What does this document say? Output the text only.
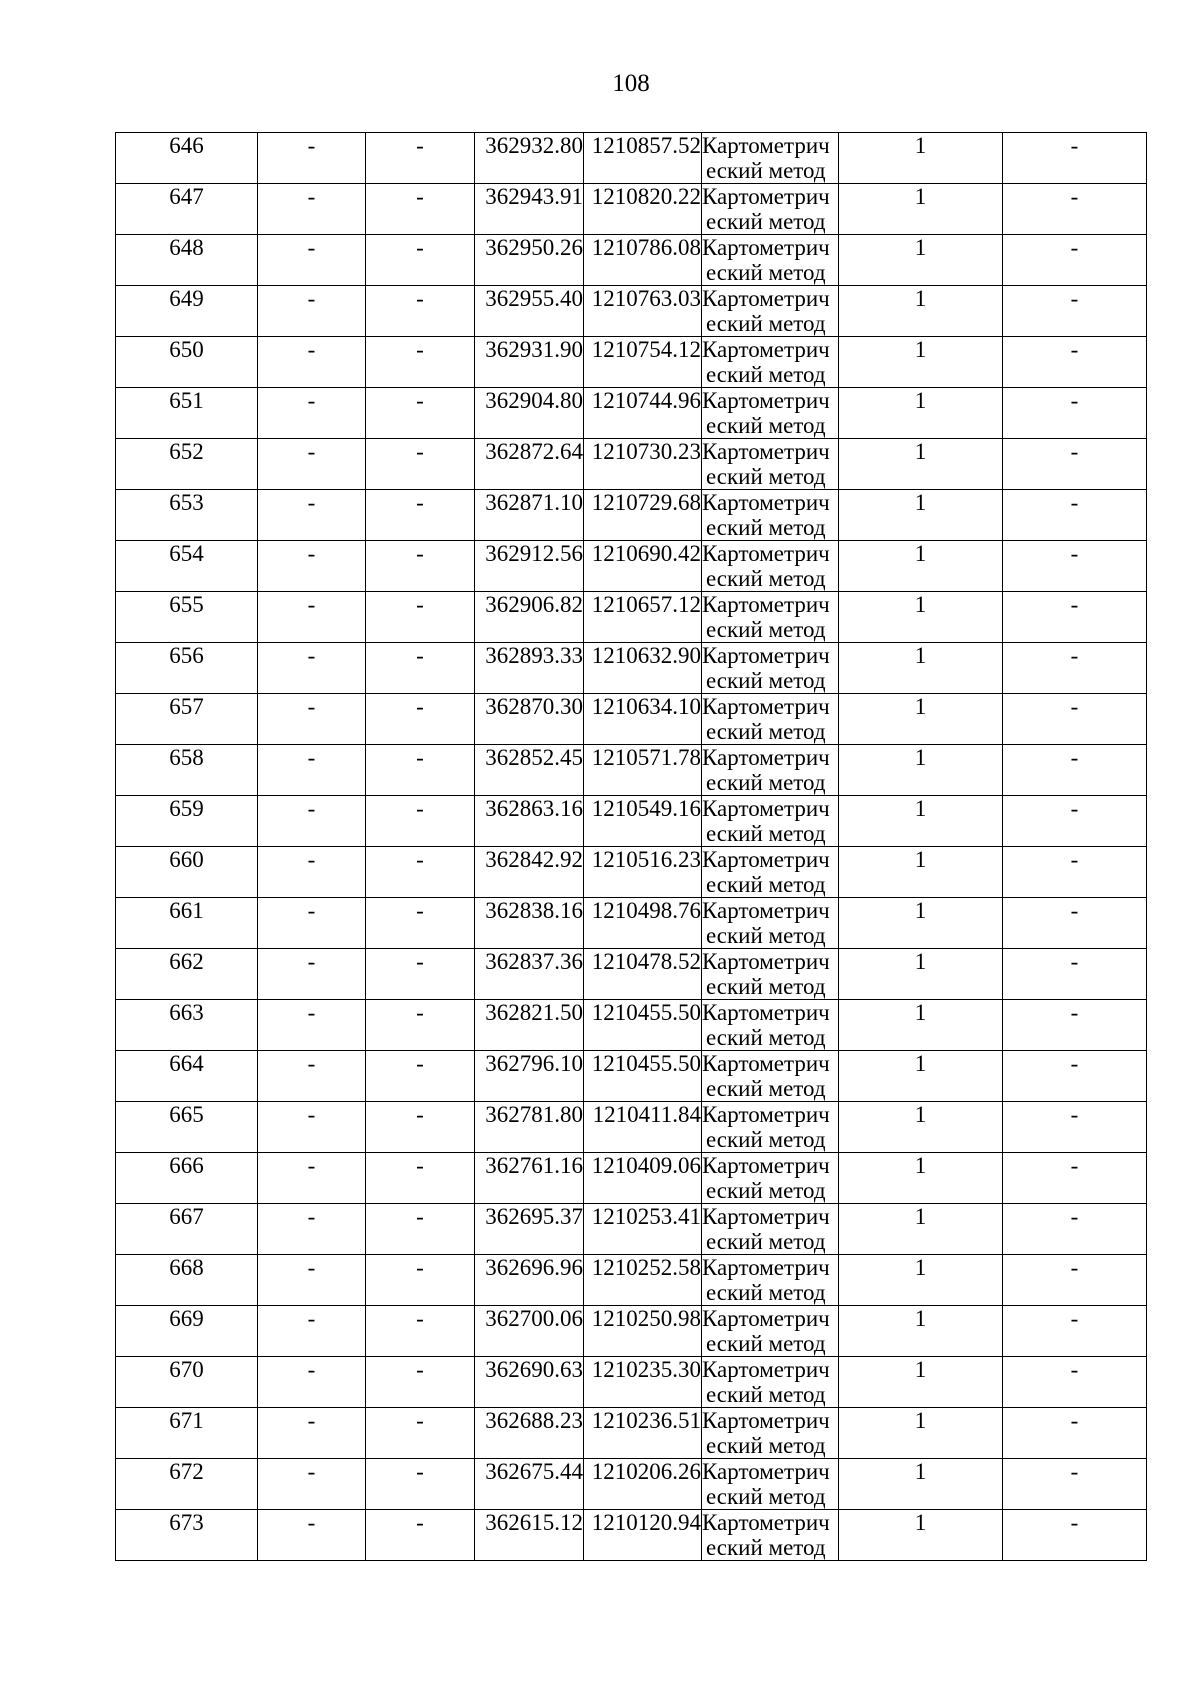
108
646	-	-	362932.80	1210857.52	Картометрич
еский метод	1	-
647	-	-	362943.91	1210820.22	Картометрич
еский метод	1	-
648	-	-	362950.26	1210786.08	Картометрич
еский метод	1	-
649	-	-	362955.40	1210763.03	Картометрич
еский метод	1	-
650	-	-	362931.90	1210754.12	Картометрич
еский метод	1	-
651	-	-	362904.80	1210744.96	Картометрич
еский метод	1	-
652	-	-	362872.64	1210730.23	Картометрич
еский метод	1	-
653	-	-	362871.10	1210729.68	Картометрич
еский метод	1	-
654	-	-	362912.56	1210690.42	Картометрич
еский метод	1	-
655	-	-	362906.82	1210657.12	Картометрич
еский метод	1	-
656	-	-	362893.33	1210632.90	Картометрич
еский метод	1	-
657	-	-	362870.30	1210634.10	Картометрич
еский метод	1	-
658	-	-	362852.45	1210571.78	Картометрич
еский метод	1	-
659	-	-	362863.16	1210549.16	Картометрич
еский метод	1	-
660	-	-	362842.92	1210516.23	Картометрич
еский метод	1	-
661	-	-	362838.16	1210498.76	Картометрич
еский метод	1	-
662	-	-	362837.36	1210478.52	Картометрич
еский метод	1	-
663	-	-	362821.50	1210455.50	Картометрич
еский метод	1	-
664	-	-	362796.10	1210455.50	Картометрич
еский метод	1	-
665	-	-	362781.80	1210411.84	Картометрич
еский метод	1	-
666	-	-	362761.16	1210409.06	Картометрич
еский метод	1	-
667	-	-	362695.37	1210253.41	Картометрич
еский метод	1	-
668	-	-	362696.96	1210252.58	Картометрич
еский метод	1	-
669	-	-	362700.06	1210250.98	Картометрич
еский метод	1	-
670	-	-	362690.63	1210235.30	Картометрич
еский метод	1	-
671	-	-	362688.23	1210236.51	Картометрич
еский метод	1	-
672	-	-	362675.44	1210206.26	Картометрич
еский метод	1	-
673	-	-	362615.12	1210120.94	Картометрич
еский метод	1	-
